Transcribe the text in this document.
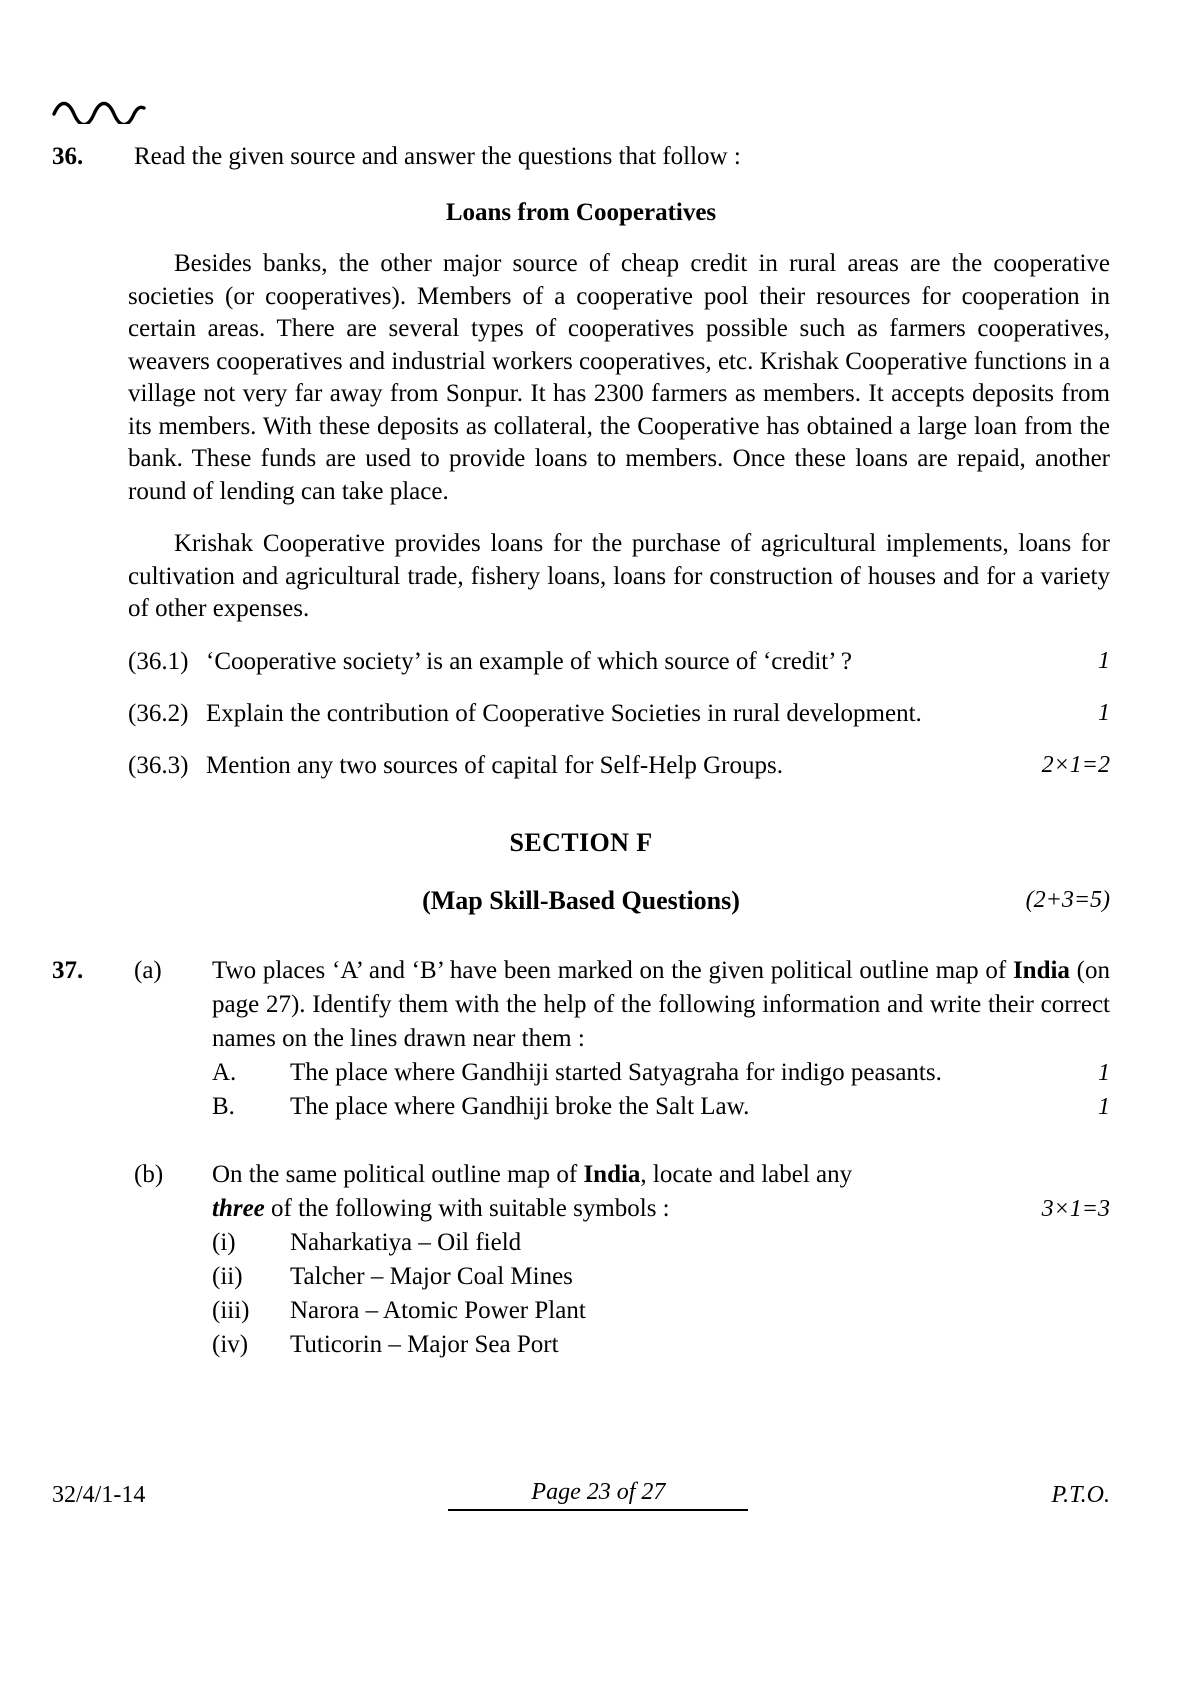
36.	Read the given source and answer the questions that follow :
Loans from Cooperatives

Besides banks, the other major source of cheap credit in rural areas are the cooperative societies (or cooperatives). Members of a cooperative pool their resources for cooperation in certain areas. There are several types of cooperatives possible such as farmers cooperatives, weavers cooperatives and industrial workers cooperatives, etc. Krishak Cooperative functions in a village not very far away from Sonpur. It has 2300 farmers as members. It accepts deposits from its members. With these deposits as collateral, the Cooperative has obtained a large loan from the bank. These funds are used to provide loans to members. Once these loans are repaid, another round of lending can take place.

Krishak Cooperative provides loans for the purchase of agricultural implements, loans for cultivation and agricultural trade, fishery loans, loans for construction of houses and for a variety of other expenses.

(36.1) ‘Cooperative society’ is an example of which source of ‘credit’ ?	1
(36.2) Explain the contribution of Cooperative Societies in rural development.	1
(36.3) Mention any two sources of capital for Self-Help Groups.	2×1=2
SECTION F
(Map Skill-Based Questions)	(2+3=5)
37.	(a)	Two places ‘A’ and ‘B’ have been marked on the given political outline map of India (on page 27). Identify them with the help of the following information and write their correct names on the lines drawn near them :
A.	The place where Gandhiji started Satyagraha for indigo peasants.	1
B.	The place where Gandhiji broke the Salt Law.	1
(b)	On the same political outline map of India, locate and label any
three of the following with suitable symbols :	3×1=3
(i)	Naharkatiya – Oil field
(ii)	Talcher – Major Coal Mines
(iii)	Narora – Atomic Power Plant
(iv)	Tuticorin – Major Sea Port
32/4/1-14	Page 23 of 27	P.T.O.
